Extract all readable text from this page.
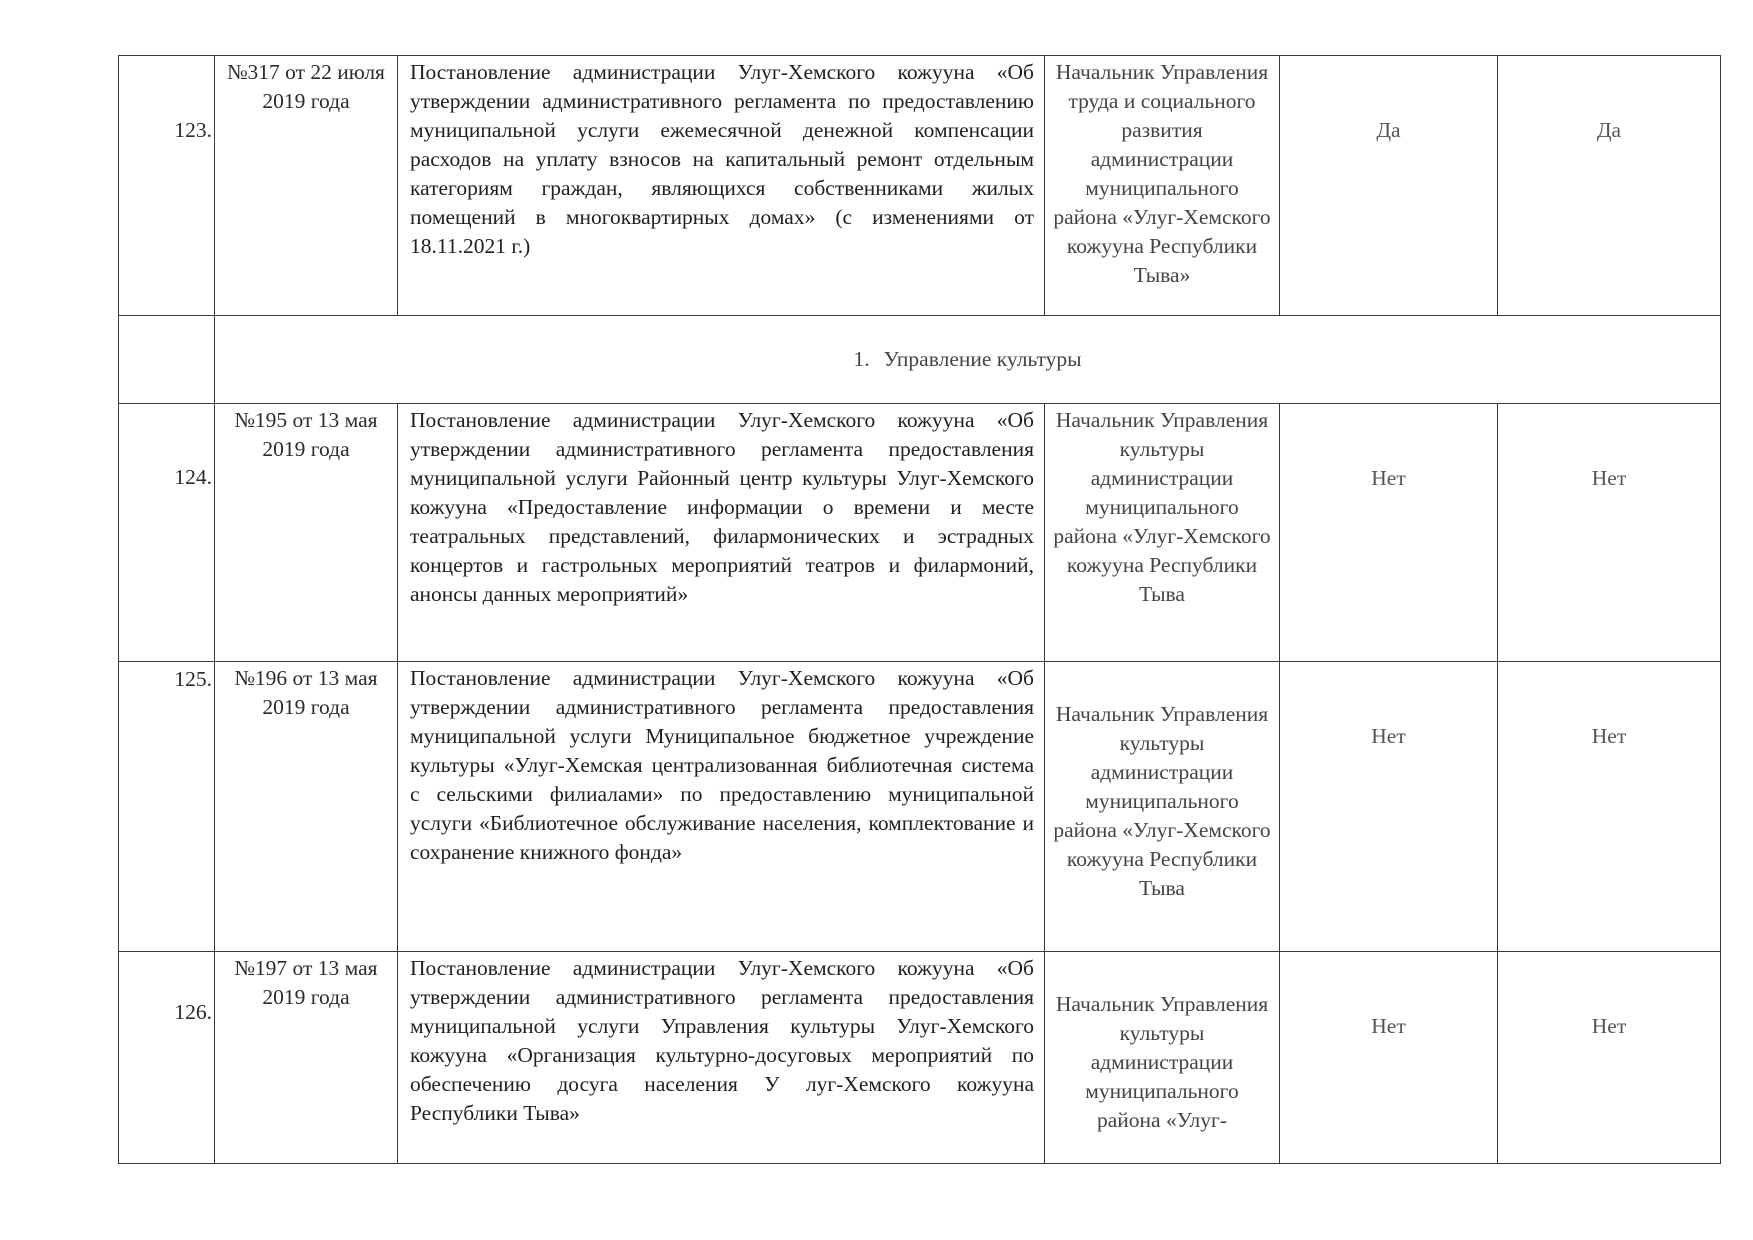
123.	№317 от 22 июля 2019 года	Постановление администрации Улуг-Хемского кожууна «Об утверждении административного регламента по предоставлению муниципальной услуги ежемесячной денежной компенсации расходов на уплату взносов на капитальный ремонт отдельным категориям граждан, являющихся собственниками жилых помещений в многоквартирных домах» (с изменениями от 18.11.2021 г.)	Начальник Управления труда и социального развития администрации муниципального района «Улуг-Хемского кожууна Республики Тыва»	Да	Да

	1. Управление культуры				

124.	№195 от 13 мая 2019 года	Постановление администрации Улуг-Хемского кожууна «Об утверждении административного регламента предоставления муниципальной услуги Районный центр культуры Улуг-Хемского кожууна «Предоставление информации о времени и месте театральных представлений, филармонических и эстрадных концертов и гастрольных мероприятий театров и филармоний, анонсы данных мероприятий»	Начальник Управления культуры администрации муниципального района «Улуг-Хемского кожууна Республики Тыва	Нет	Нет

125.	№196 от 13 мая 2019 года	Постановление администрации Улуг-Хемского кожууна «Об утверждении административного регламента предоставления муниципальной услуги Муниципальное бюджетное учреждение культуры «Улуг-Хемская централизованная библиотечная система с сельскими филиалами» по предоставлению муниципальной услуги «Библиотечное обслуживание населения, комплектование и сохранение книжного фонда»	Начальник Управления культуры администрации муниципального района «Улуг-Хемского кожууна Республики Тыва	Нет	Нет

126.	№197 от 13 мая 2019 года	Постановление администрации Улуг-Хемского кожууна «Об утверждении административного регламента предоставления муниципальной услуги Управления культуры Улуг-Хемского кожууна «Организация культурно-досуговых мероприятий по обеспечению досуга населения У луг-Хемского кожууна Республики Тыва»	Начальник Управления культуры администрации муниципального района «Улуг-	Нет	Нет
